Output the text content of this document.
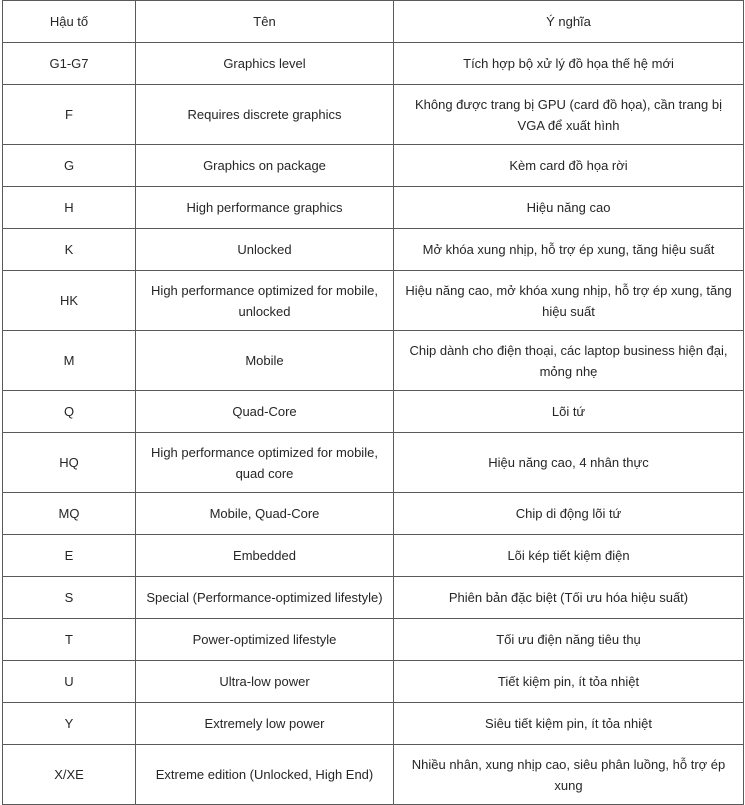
Hậu tố	Tên	Ý nghĩa
G1-G7	Graphics level	Tích hợp bộ xử lý đồ họa thế hệ mới
F	Requires discrete graphics	Không được trang bị GPU (card đồ họa), cần trang bị VGA để xuất hình
G	Graphics on package	Kèm card đồ họa rời
H	High performance graphics	Hiệu năng cao
K	Unlocked	Mở khóa xung nhịp, hỗ trợ ép xung, tăng hiệu suất
HK	High performance optimized for mobile, unlocked	Hiệu năng cao, mở khóa xung nhịp, hỗ trợ ép xung, tăng hiệu suất
M	Mobile	Chip dành cho điện thoại, các laptop business hiện đại, mỏng nhẹ
Q	Quad-Core	Lõi tứ
HQ	High performance optimized for mobile, quad core	Hiệu năng cao, 4 nhân thực
MQ	Mobile, Quad-Core	Chip di động lõi tứ
E	Embedded	Lõi kép tiết kiệm điện
S	Special (Performance-optimized lifestyle)	Phiên bản đặc biệt (Tối ưu hóa hiệu suất)
T	Power-optimized lifestyle	Tối ưu điện năng tiêu thụ
U	Ultra-low power	Tiết kiệm pin, ít tỏa nhiệt
Y	Extremely low power	Siêu tiết kiệm pin, ít tỏa nhiệt
X/XE	Extreme edition (Unlocked, High End)	Nhiều nhân, xung nhịp cao, siêu phân luồng, hỗ trợ ép xung
